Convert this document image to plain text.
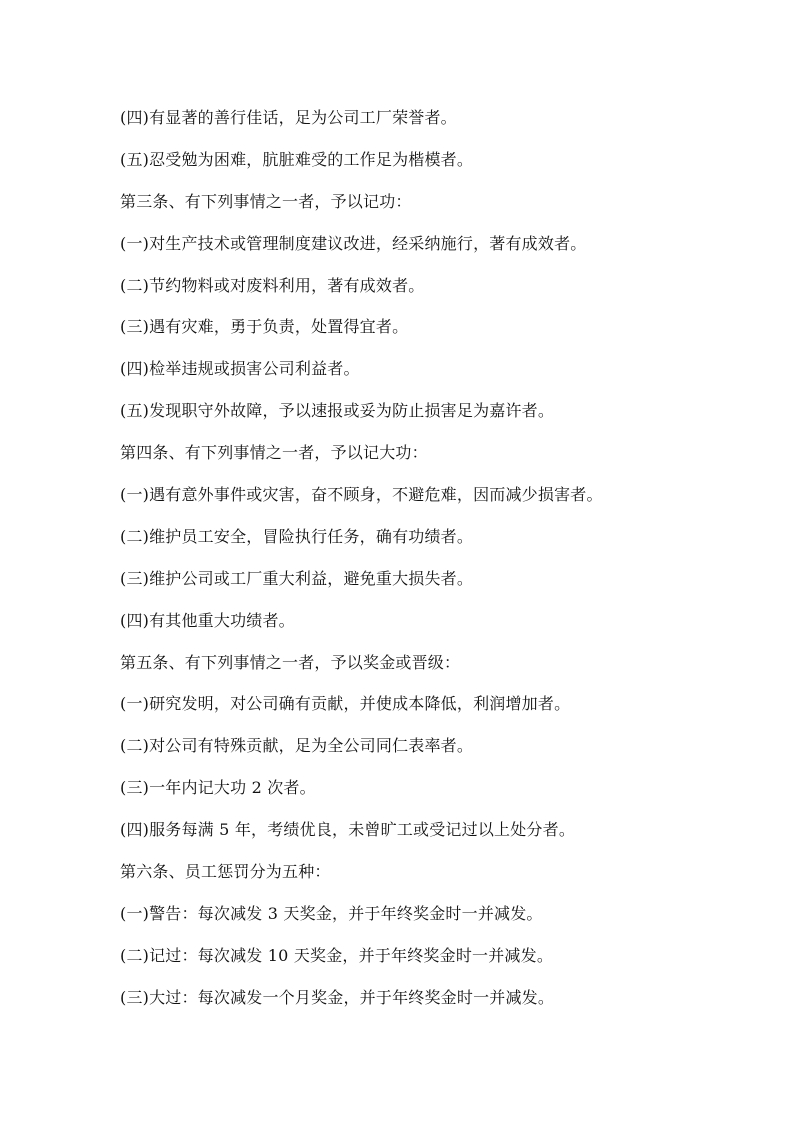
(四)有显著的善行佳话，足为公司工厂荣誉者。

(五)忍受勉为困难，肮脏难受的工作足为楷模者。

第三条、有下列事情之一者，予以记功：

(一)对生产技术或管理制度建议改进，经采纳施行，著有成效者。

(二)节约物料或对废料利用，著有成效者。

(三)遇有灾难，勇于负责，处置得宜者。

(四)检举违规或损害公司利益者。

(五)发现职守外故障，予以速报或妥为防止损害足为嘉许者。

第四条、有下列事情之一者，予以记大功：

(一)遇有意外事件或灾害，奋不顾身，不避危难，因而减少损害者。

(二)维护员工安全，冒险执行任务，确有功绩者。

(三)维护公司或工厂重大利益，避免重大损失者。

(四)有其他重大功绩者。

第五条、有下列事情之一者，予以奖金或晋级：

(一)研究发明，对公司确有贡献，并使成本降低，利润增加者。

(二)对公司有特殊贡献，足为全公司同仁表率者。

(三)一年内记大功 2 次者。

(四)服务每满 5 年，考绩优良，未曾旷工或受记过以上处分者。

第六条、员工惩罚分为五种：

(一)警告：每次减发 3 天奖金，并于年终奖金时一并减发。

(二)记过：每次减发 10 天奖金，并于年终奖金时一并减发。

(三)大过：每次减发一个月奖金，并于年终奖金时一并减发。
